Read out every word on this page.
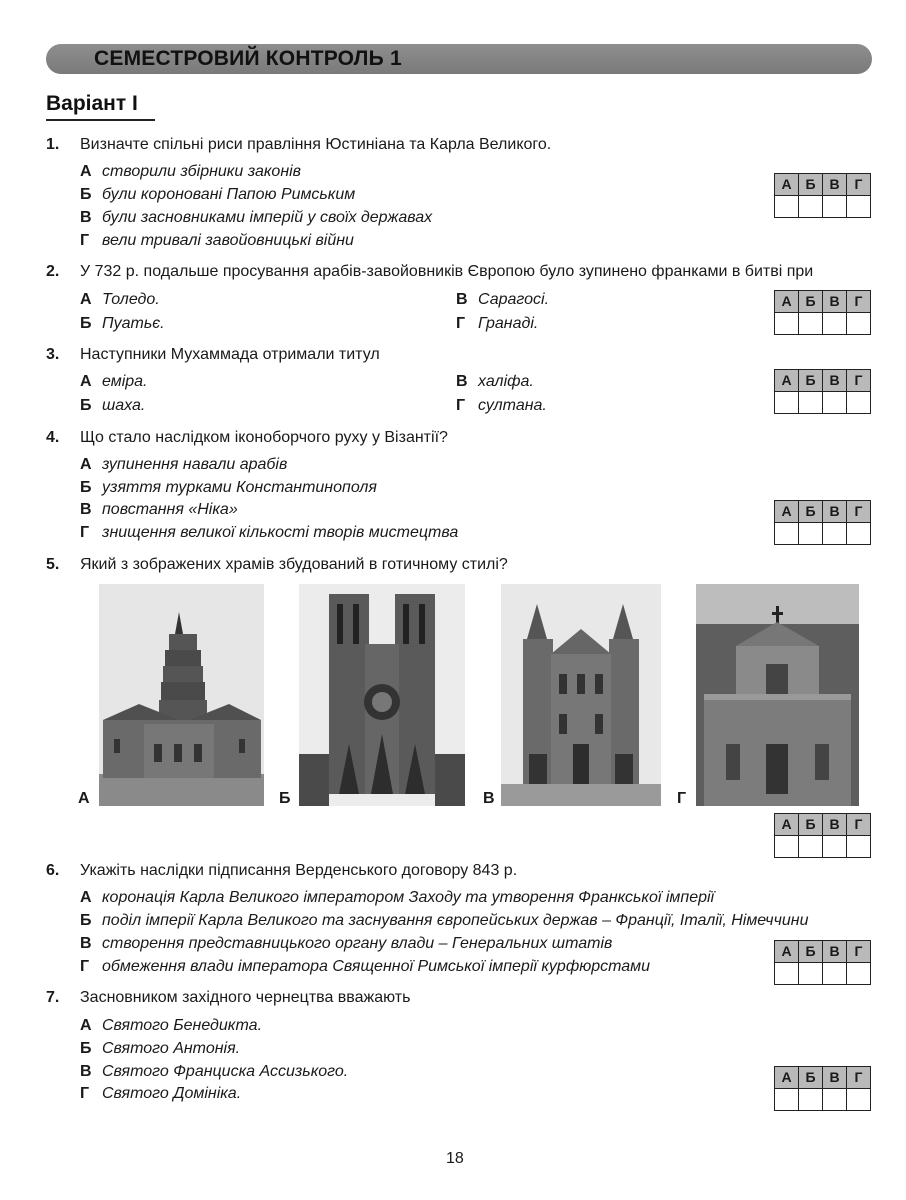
СЕМЕСТРОВИЙ КОНТРОЛЬ 1
Варіант I
1. Визначте спільні риси правління Юстиніана та Карла Великого.
А створили збірники законів
Б були короновані Папою Римським
В були засновниками імперій у своїх державах
Г вели тривалі завойовницькі війни
А Б В	Г
2. У 732 р. подальше просування арабів-завойовників Європою було зупинено франками в битві при
А Толедо.
Б Пуатьє.
В Сарагосі.
Г Гранаді.
А Б В	Г
3. Наступники Мухаммада отримали титул
А еміра.
Б шаха.
В халіфа.
Г султана.
А Б В	Г
4. Що стало наслідком іконоборчого руху у Візантії?
А зупинення навали арабів
Б узяття турками Константинополя
В повстання «Ніка»
Г знищення великої кількості творів мистецтва
А Б В	Г
5. Який з зображених храмів збудований в готичному стилі?
А	Б	В	Г
А Б В	Г
6. Укажіть наслідки підписання Верденського договору 843 р.
А коронація Карла Великого імператором Заходу та утворення Франкської імперії
Б поділ імперії Карла Великого та заснування європейських держав – Франції, Італії, Німеччини
В створення представницького органу влади – Генеральних штатів
Г обмеження влади імператора Священної Римської імперії курфюрстами
А Б В	Г
7. Засновником західного чернецтва вважають
А Святого Бенедикта.
Б Святого Антонія.
В Святого Франциска Ассизького.
Г Святого Домініка.
А Б В	Г
18
